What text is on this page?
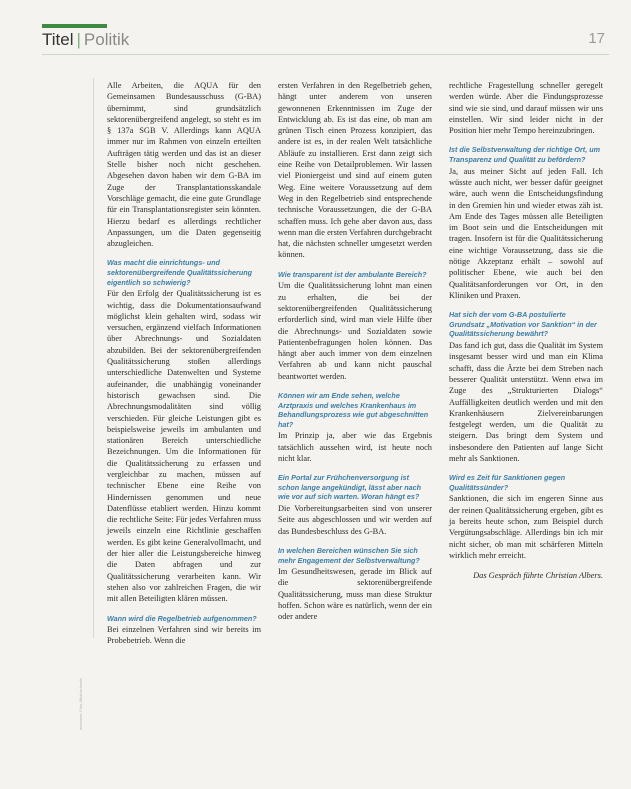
Titel | Politik	17
Interview: Foto-/Bildnachweis

Alle Arbeiten, die AQUA für den Gemeinsamen Bundesausschuss (G-BA) übernimmt, sind grundsätzlich sektorenübergreifend angelegt, so steht es im § 137a SGB V. Allerdings kann AQUA immer nur im Rahmen von einzeln erteilten Aufträgen tätig werden und das ist an dieser Stelle bisher noch nicht geschehen. Abgesehen davon haben wir dem G-BA im Zuge der Transplantationsskandale Vorschläge gemacht, die eine gute Grundlage für ein Transplantationsregister sein könnten. Hierzu bedarf es allerdings rechtlicher Anpassungen, um die Daten gegenseitig abzugleichen.

Was macht die einrichtungs- und sektorenübergreifende Qualitätssicherung eigentlich so schwierig?

Für den Erfolg der Qualitätssicherung ist es wichtig, dass die Dokumentationsaufwand möglichst klein gehalten wird, sodass wir versuchen, ergänzend vielfach Informationen über Abrechnungs- und Sozialdaten abzubilden. Bei der sektorenübergreifenden Qualitätssicherung stoßen allerdings unterschiedliche Datenwelten und Systeme aufeinander, die unabhängig voneinander historisch gewachsen sind. Die Abrechnungsmodalitäten sind völlig verschieden. Für gleiche Leistungen gibt es beispielsweise jeweils im ambulanten und stationären Bereich unterschiedliche Bezeichnungen. Um die Informationen für die Qualitätssicherung zu erfassen und vergleichbar zu machen, müssen auf technischer Ebene eine Reihe von Hindernissen genommen und neue Datenflüsse etabliert werden. Hinzu kommt die rechtliche Seite: Für jedes Verfahren muss jeweils einzeln eine Richtlinie geschaffen werden. Es gibt keine Generalvollmacht, und der hier aller die Leistungsbereiche hinweg die Daten abfragen und zur Qualitätssicherung verarbeiten kann. Wir stehen also vor zahlreichen Fragen, die wir mit allen Beteiligten klären müssen.

Wann wird die Regelbetrieb aufgenommen?

Bei einzelnen Verfahren sind wir bereits im Probebetrieb. Wenn die

ersten Verfahren in den Regelbetrieb gehen, hängt unter anderem von unseren gewonnenen Erkenntnissen im Zuge der Entwicklung ab. Es ist das eine, ob man am grünen Tisch einen Prozess konzipiert, das andere ist es, in der realen Welt tatsächliche Abläufe zu installieren. Erst dann zeigt sich eine Reihe von Detailproblemen. Wir lassen viel Pioniergeist und sind auf einem guten Weg. Eine weitere Voraussetzung auf dem Weg in den Regelbetrieb sind entsprechende technische Voraussetzungen, die der G-BA schaffen muss. Ich gehe aber davon aus, dass wenn man die ersten Verfahren durchgebracht hat, die nächsten schneller umgesetzt werden können.

Wie transparent ist der ambulante Bereich?

Um die Qualitätssicherung lohnt man einen zu erhalten, die bei der sektorenübergreifenden Qualitätssicherung erforderlich sind, wird man viele Hilfe über die Abrechnungs- und Sozialdaten sowie Patientenbefragungen holen können. Das hängt aber auch immer von dem einzelnen Verfahren ab und kann nicht pauschal beantwortet werden.

Können wir am Ende sehen, welche Arztpraxis und welches Krankenhaus im Behandlungsprozess wie gut abgeschnitten hat?

Im Prinzip ja, aber wie das Ergebnis tatsächlich aussehen wird, ist heute noch nicht klar.

Ein Portal zur Frühchenversorgung ist schon lange angekündigt, lässt aber nach wie vor auf sich warten. Woran hängt es?

Die Vorbereitungsarbeiten sind von unserer Seite aus abgeschlossen und wir werden auf das Bundesbeschluss des G-BA.

In welchen Bereichen wünschen Sie sich mehr Engagement der Selbstverwaltung?

Im Gesundheitswesen, gerade im Blick auf die sektorenübergreifende Qualitätssicherung, muss man diese Struktur hoffen. Schon wäre es natürlich, wenn der ein oder andere

rechtliche Fragestellung schneller geregelt werden würde. Aber die Findungsprozesse sind wie sie sind, und darauf müssen wir uns einstellen. Wir sind leider nicht in der Position hier mehr Tempo hereinzubringen.

Ist die Selbstverwaltung der richtige Ort, um Transparenz und Qualität zu befördern?

Ja, aus meiner Sicht auf jeden Fall. Ich wüsste auch nicht, wer besser dafür geeignet wäre, auch wenn die Entscheidungsfindung in den Gremien hin und wieder etwas zäh ist. Am Ende des Tages müssen alle Beteiligten im Boot sein und die Entscheidungen mit tragen. Insofern ist für die Qualitätssicherung eine wichtige Voraussetzung, dass sie die nötige Akzeptanz erhält – sowohl auf politischer Ebene, wie auch bei den Qualitätsanforderungen vor Ort, in den Kliniken und Praxen.

Hat sich der vom G-BA postulierte Grundsatz „Motivation vor Sanktion“ in der Qualitätssicherung bewährt?

Das fand ich gut, dass die Qualität im System insgesamt besser wird und man ein Klima schafft, dass die Ärzte bei dem Streben nach besserer Qualität unterstützt. Wenn etwa im Zuge des „Strukturierten Dialogs“ Auffälligkeiten deutlich werden und mit den Krankenhäusern Zielvereinbarungen festgelegt werden, um die Qualität zu steigern. Das bringt dem System und insbesondere den Patienten auf lange Sicht mehr als Sanktionen.

Wird es Zeit für Sanktionen gegen Qualitätssünder?

Sanktionen, die sich im engeren Sinne aus der reinen Qualitätssicherung ergeben, gibt es ja bereits heute schon, zum Beispiel durch Vergütungsabschläge. Allerdings bin ich mir nicht sicher, ob man mit schärferen Mitteln wirklich mehr erreicht.

Das Gespräch führte Christian Albers.
